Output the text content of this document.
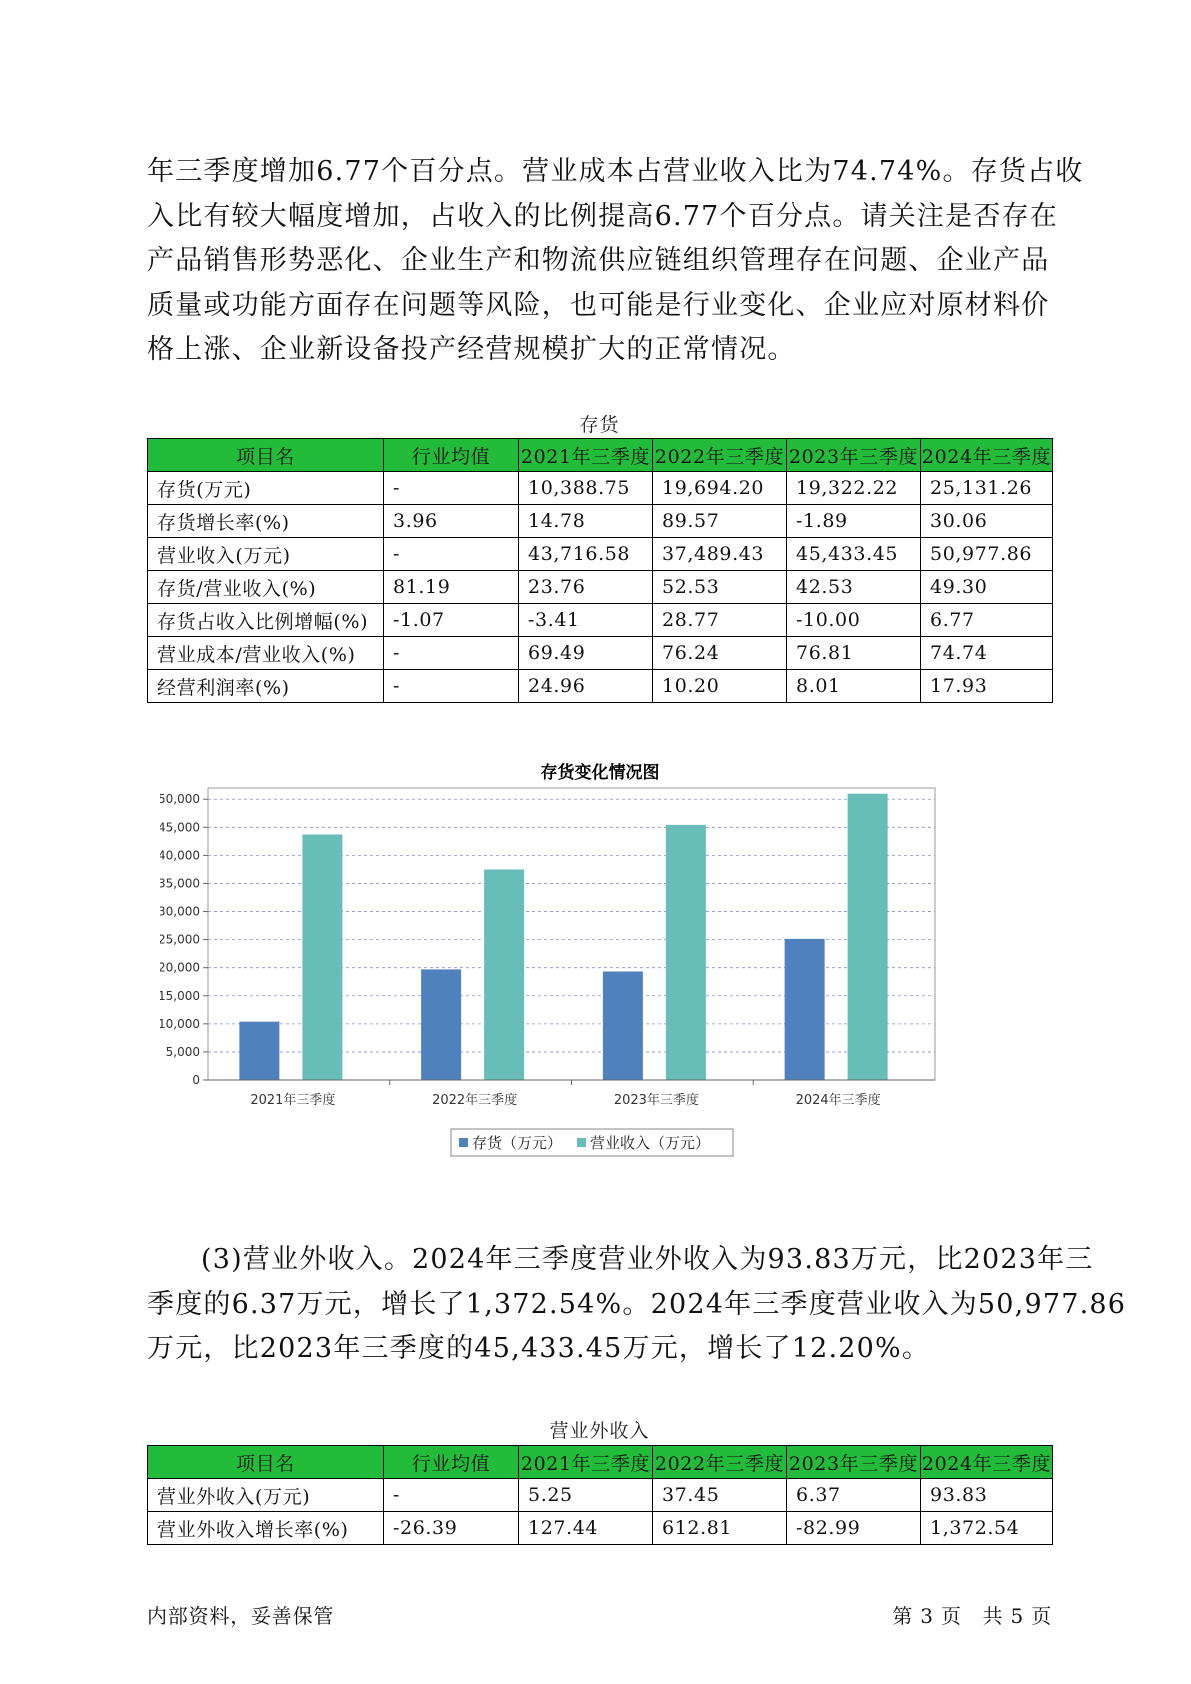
年三季度增加6.77个百分点。营业成本占营业收入比为74.74%。存货占收
入比有较大幅度增加，占收入的比例提高6.77个百分点。请关注是否存在
产品销售形势恶化、企业生产和物流供应链组织管理存在问题、企业产品
质量或功能方面存在问题等风险，也可能是行业变化、企业应对原材料价
格上涨、企业新设备投产经营规模扩大的正常情况。
存货
项目名	行业均值	2021年三季度	2022年三季度	2023年三季度	2024年三季度
存货(万元)	-	10,388.75	19,694.20	19,322.22	25,131.26
存货增长率(%)	3.96	14.78	89.57	-1.89	30.06
营业收入(万元)	-	43,716.58	37,489.43	45,433.45	50,977.86
存货/营业收入(%)	81.19	23.76	52.53	42.53	49.30
存货占收入比例增幅(%)	-1.07	-3.41	28.77	-10.00	6.77
营业成本/营业收入(%)	-	69.49	76.24	76.81	74.74
经营利润率(%)	-	24.96	10.20	8.01	17.93
存货变化情况图
0
5,000
10,000
15,000
20,000
25,000
30,000
35,000
40,000
45,000
50,000
2021年三季度	2022年三季度	2023年三季度	2024年三季度
存货（万元） 营业收入（万元）
(3)营业外收入。2024年三季度营业外收入为93.83万元，比2023年三
季度的6.37万元，增长了1,372.54%。2024年三季度营业收入为50,977.86
万元，比2023年三季度的45,433.45万元，增长了12.20%。
营业外收入
项目名	行业均值	2021年三季度	2022年三季度	2023年三季度	2024年三季度
营业外收入(万元)	-	5.25	37.45	6.37	93.83
营业外收入增长率(%)	-26.39	127.44	612.81	-82.99	1,372.54
内部资料，妥善保管	第 3 页　共 5 页
